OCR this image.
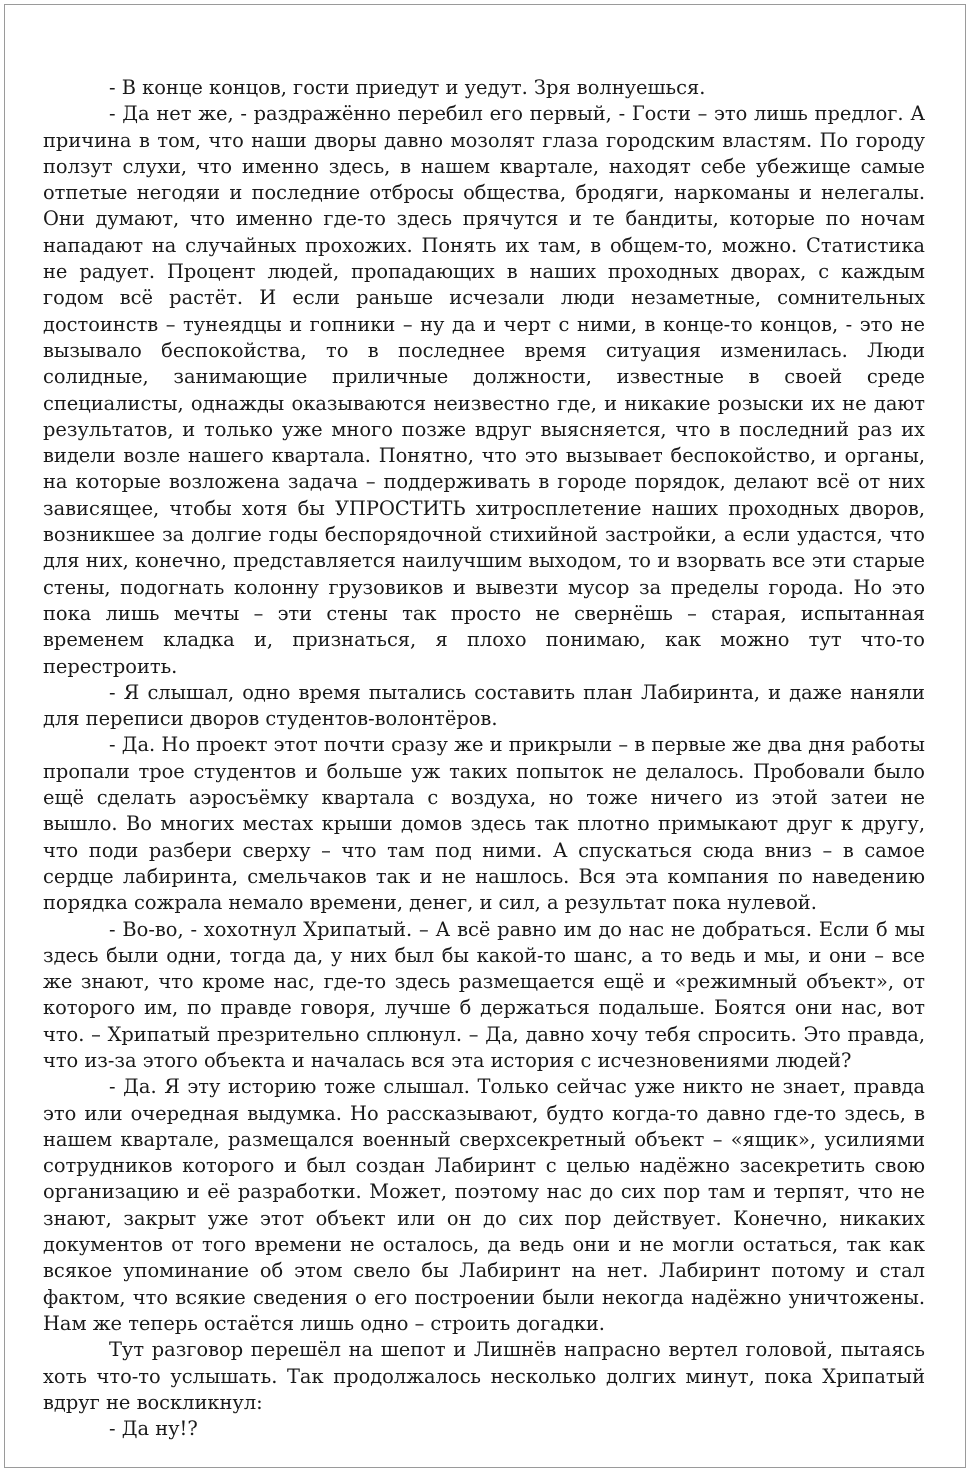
- В конце концов, гости приедут и уедут. Зря волнуешься.

- Да нет же, - раздражённо перебил его первый, - Гости – это лишь предлог. А причина в том, что наши дворы давно мозолят глаза городским властям. По городу ползут слухи, что именно здесь, в нашем квартале, находят себе убежище самые отпетые негодяи и последние отбросы общества, бродяги, наркоманы и нелегалы. Они думают, что именно где-то здесь прячутся и те бандиты, которые по ночам нападают на случайных прохожих. Понять их там, в общем-то, можно. Статистика не радует. Процент людей, пропадающих в наших проходных дворах, с каждым годом всё растёт. И если раньше исчезали люди незаметные, сомнительных достоинств – тунеядцы и гопники – ну да и черт с ними, в конце-то концов, - это не вызывало беспокойства, то в последнее время ситуация изменилась. Люди солидные, занимающие приличные должности, известные в своей среде специалисты, однажды оказываются неизвестно где, и никакие розыски их не дают результатов, и только уже много позже вдруг выясняется, что в последний раз их видели возле нашего квартала. Понятно, что это вызывает беспокойство, и органы, на которые возложена задача – поддерживать в городе порядок, делают всё от них зависящее, чтобы хотя бы УПРОСТИТЬ хитросплетение наших проходных дворов, возникшее за долгие годы беспорядочной стихийной застройки, а если удастся, что для них, конечно, представляется наилучшим выходом, то и взорвать все эти старые стены, подогнать колонну грузовиков и вывезти мусор за пределы города. Но это пока лишь мечты – эти стены так просто не свернёшь – старая, испытанная временем кладка и, признаться, я плохо понимаю, как можно тут что-то перестроить.

- Я слышал, одно время пытались составить план Лабиринта, и даже наняли для переписи дворов студентов-волонтёров.

- Да. Но проект этот почти сразу же и прикрыли – в первые же два дня работы пропали трое студентов и больше уж таких попыток не делалось. Пробовали было ещё сделать аэросъёмку квартала с воздуха, но тоже ничего из этой затеи не вышло. Во многих местах крыши домов здесь так плотно примыкают друг к другу, что поди разбери сверху – что там под ними. А спускаться сюда вниз – в самое сердце лабиринта, смельчаков так и не нашлось. Вся эта компания по наведению порядка сожрала немало времени, денег, и сил, а результат пока нулевой.

- Во-во, - хохотнул Хрипатый. – А всё равно им до нас не добраться. Если б мы здесь были одни, тогда да, у них был бы какой-то шанс, а то ведь и мы, и они – все же знают, что кроме нас, где-то здесь размещается ещё и «режимный объект», от которого им, по правде говоря, лучше б держаться подальше. Боятся они нас, вот что. – Хрипатый презрительно сплюнул. – Да, давно хочу тебя спросить. Это правда, что из-за этого объекта и началась вся эта история с исчезновениями людей?

- Да. Я эту историю тоже слышал. Только сейчас уже никто не знает, правда это или очередная выдумка. Но рассказывают, будто когда-то давно где-то здесь, в нашем квартале, размещался военный сверхсекретный объект – «ящик», усилиями сотрудников которого и был создан Лабиринт с целью надёжно засекретить свою организацию и её разработки. Может, поэтому нас до сих пор там и терпят, что не знают, закрыт уже этот объект или он до сих пор действует. Конечно, никаких документов от того времени не осталось, да ведь они и не могли остаться, так как всякое упоминание об этом свело бы Лабиринт на нет. Лабиринт потому и стал фактом, что всякие сведения о его построении были некогда надёжно уничтожены. Нам же теперь остаётся лишь одно – строить догадки.

Тут разговор перешёл на шепот и Лишнёв напрасно вертел головой, пытаясь хоть что-то услышать. Так продолжалось несколько долгих минут, пока Хрипатый вдруг не воскликнул:

- Да ну!?
